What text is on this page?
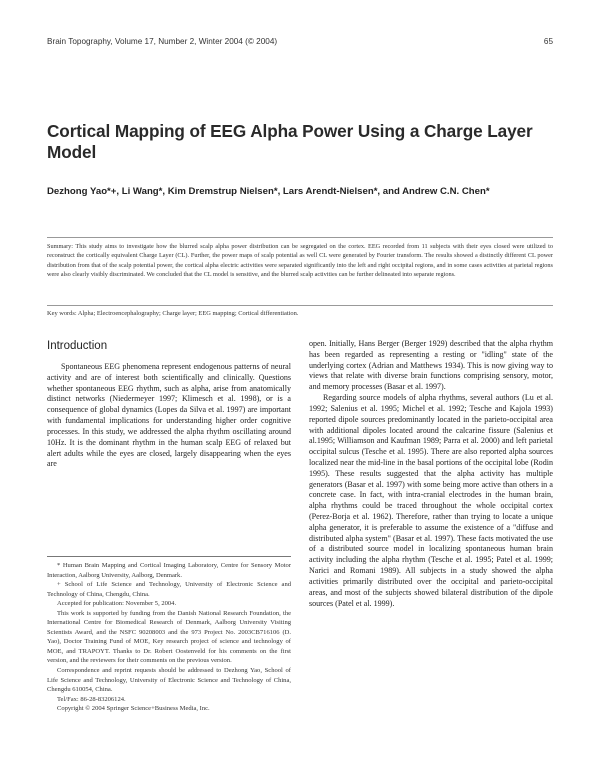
Brain Topography, Volume 17, Number 2, Winter 2004 (© 2004)	65
Cortical Mapping of EEG Alpha Power Using a Charge Layer Model
Dezhong Yao*+, Li Wang*, Kim Dremstrup Nielsen*, Lars Arendt-Nielsen*, and Andrew C.N. Chen*
Summary: This study aims to investigate how the blurred scalp alpha power distribution can be segregated on the cortex. EEG recorded from 11 subjects with their eyes closed were utilized to reconstruct the cortically equivalent Charge Layer (CL). Further, the power maps of scalp potential as well CL were generated by Fourier transform. The results showed a distinctly different CL power distribution from that of the scalp potential power, the cortical alpha electric activities were separated significantly into the left and right occipital regions, and in some cases activities at parietal regions were also clearly visibly discriminated. We concluded that the CL model is sensitive, and the blurred scalp activities can be further delineated into separate regions.
Key words: Alpha; Electroencephalography; Charge layer; EEG mapping; Cortical differentiation.
Introduction

Spontaneous EEG phenomena represent endogenous patterns of neural activity and are of interest both scientifically and clinically. Questions whether spontaneous EEG rhythm, such as alpha, arise from anatomically distinct networks (Niedermeyer 1997; Klimesch et al. 1998), or is a consequence of global dynamics (Lopes da Silva et al. 1997) are important with fundamental implications for understanding higher order cognitive processes. In this study, we addressed the alpha rhythm oscillating around 10Hz. It is the dominant rhythm in the human scalp EEG of relaxed but alert adults while the eyes are closed, largely disappearing when the eyes are

* Human Brain Mapping and Cortical Imaging Laboratory, Centre for Sensory Motor Interaction, Aalborg University, Aalborg, Denmark.

+ School of Life Science and Technology, University of Electronic Science and Technology of China, Chengdu, China.

Accepted for publication: November 5, 2004.

This work is supported by funding from the Danish National Research Foundation, the International Centre for Biomedical Research of Denmark, Aalborg University Visiting Scientists Award, and the NSFC 90208003 and the 973 Project No. 2003CB716106 (D. Yao), Doctor Training Fund of MOE, Key research project of science and technology of MOE, and TRAPOYT. Thanks to Dr. Robert Oostenveld for his comments on the first version, and the reviewers for their comments on the previous version.

Correspondence and reprint requests should be addressed to Dezhong Yao, School of Life Science and Technology, University of Electronic Science and Technology of China, Chengdu 610054, China.

Tel/Fax: 86-28-83206124.

Copyright © 2004 Springer Science+Business Media, Inc.

open. Initially, Hans Berger (Berger 1929) described that the alpha rhythm has been regarded as representing a resting or "idling" state of the underlying cortex (Adrian and Matthews 1934). This is now giving way to views that relate with diverse brain functions comprising sensory, motor, and memory processes (Basar et al. 1997).

Regarding source models of alpha rhythms, several authors (Lu et al. 1992; Salenius et al. 1995; Michel et al. 1992; Tesche and Kajola 1993) reported dipole sources predominantly located in the parieto-occipital area with additional dipoles located around the calcarine fissure (Salenius et al.1995; Williamson and Kaufman 1989; Parra et al. 2000) and left parietal occipital sulcus (Tesche et al. 1995). There are also reported alpha sources localized near the mid-line in the basal portions of the occipital lobe (Rodin 1995). These results suggested that the alpha activity has multiple generators (Basar et al. 1997) with some being more active than others in a concrete case. In fact, with intra-cranial electrodes in the human brain, alpha rhythms could be traced throughout the whole occipital cortex (Perez-Borja et al. 1962). Therefore, rather than trying to locate a unique alpha generator, it is preferable to assume the existence of a "diffuse and distributed alpha system" (Basar et al. 1997). These facts motivated the use of a distributed source model in localizing spontaneous human brain activity including the alpha rhythm (Tesche et al. 1995; Patel et al. 1999; Narici and Romani 1989). All subjects in a study showed the alpha activities primarily distributed over the occipital and parieto-occipital areas, and most of the subjects showed bilateral distribution of the dipole sources (Patel et al. 1999).
